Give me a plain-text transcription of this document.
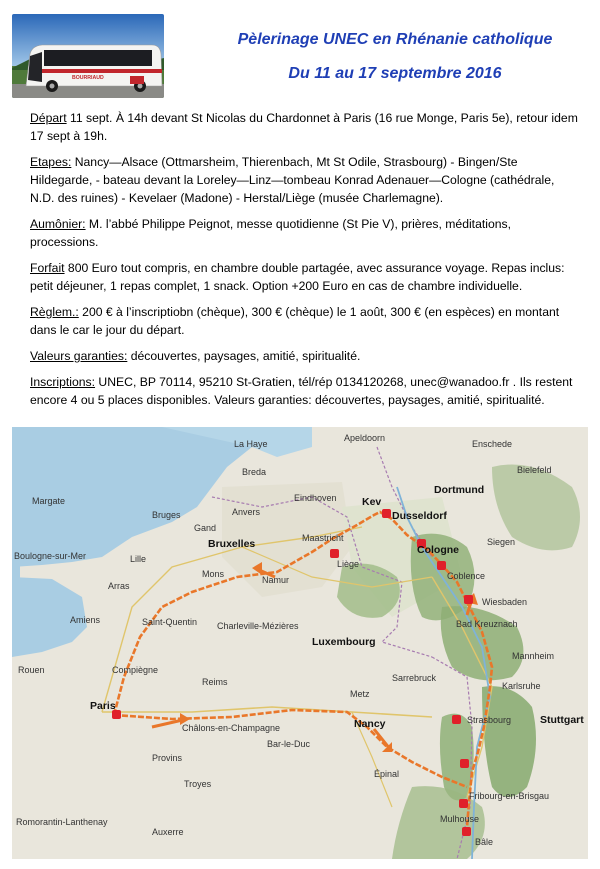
BOURRIAUD
Pèlerinage UNEC en Rhénanie catholique
Du 11 au 17 septembre 2016

Départ 11 sept. À 14h devant St Nicolas du Chardonnet à Paris (16 rue Monge, Paris 5e), retour idem 17 sept à 19h.

Etapes: Nancy—Alsace (Ottmarsheim, Thierenbach, Mt St Odile, Strasbourg) - Bingen/Ste Hildegarde, - bateau devant la Loreley—Linz—tombeau Konrad Adenauer—Cologne (cathédrale, N.D. des ruines) - Kevelaer (Madone) - Herstal/Liège (musée Charlemagne).

Aumônier: M. l’abbé Philippe Peignot, messe quotidienne (St Pie V), prières, méditations, processions.

Forfait 800 Euro tout compris, en chambre double partagée, avec assurance voyage. Repas inclus: petit déjeuner, 1 repas complet, 1 snack. Option +200 Euro en cas de chambre individuelle.

Règlem.: 200 € à l’inscriptiobn (chèque), 300 € (chèque) le 1 août, 300 € (en espèces) en montant dans le car le jour du départ.

Valeurs garanties: découvertes, paysages, amitié, spiritualité.

Inscriptions: UNEC, BP 70114, 95210 St-Gratien, tél/rép 0134120268, unec@wanadoo.fr . Ils restent encore 4 ou 5 places disponibles. Valeurs garanties: découvertes, paysages, amitié, spiritualité.

La Haye
Apeldoorn
Enschede
Bielefeld
Breda
Eindhoven
Dortmund
Margate
Bruges
Gand
Anvers	Dusseldorf
Boulogne-sur-Mer	Lille
Bruxelles	Maastricht
Cologne
Siegen
Mons
Namur
Liège
Coblence
Arras
Wiesbaden
Amiens	Saint-Quentin Charleville-Mézières
Luxembourg
Bad Kreuznach
Mannheim
Rouen	Compiègne
Reims
Metz
Sarrebruck
Karlsruhe
Paris
Châlons-en-Champagne
Bar-le-Duc
Nancy	Strasbourg	Stuttgart
Provins
Troyes
Épinal
Fribourg-en-Brisgau
Mulhouse
Bâle
Romorantin-Lanthenay
Auxerre
Kev
